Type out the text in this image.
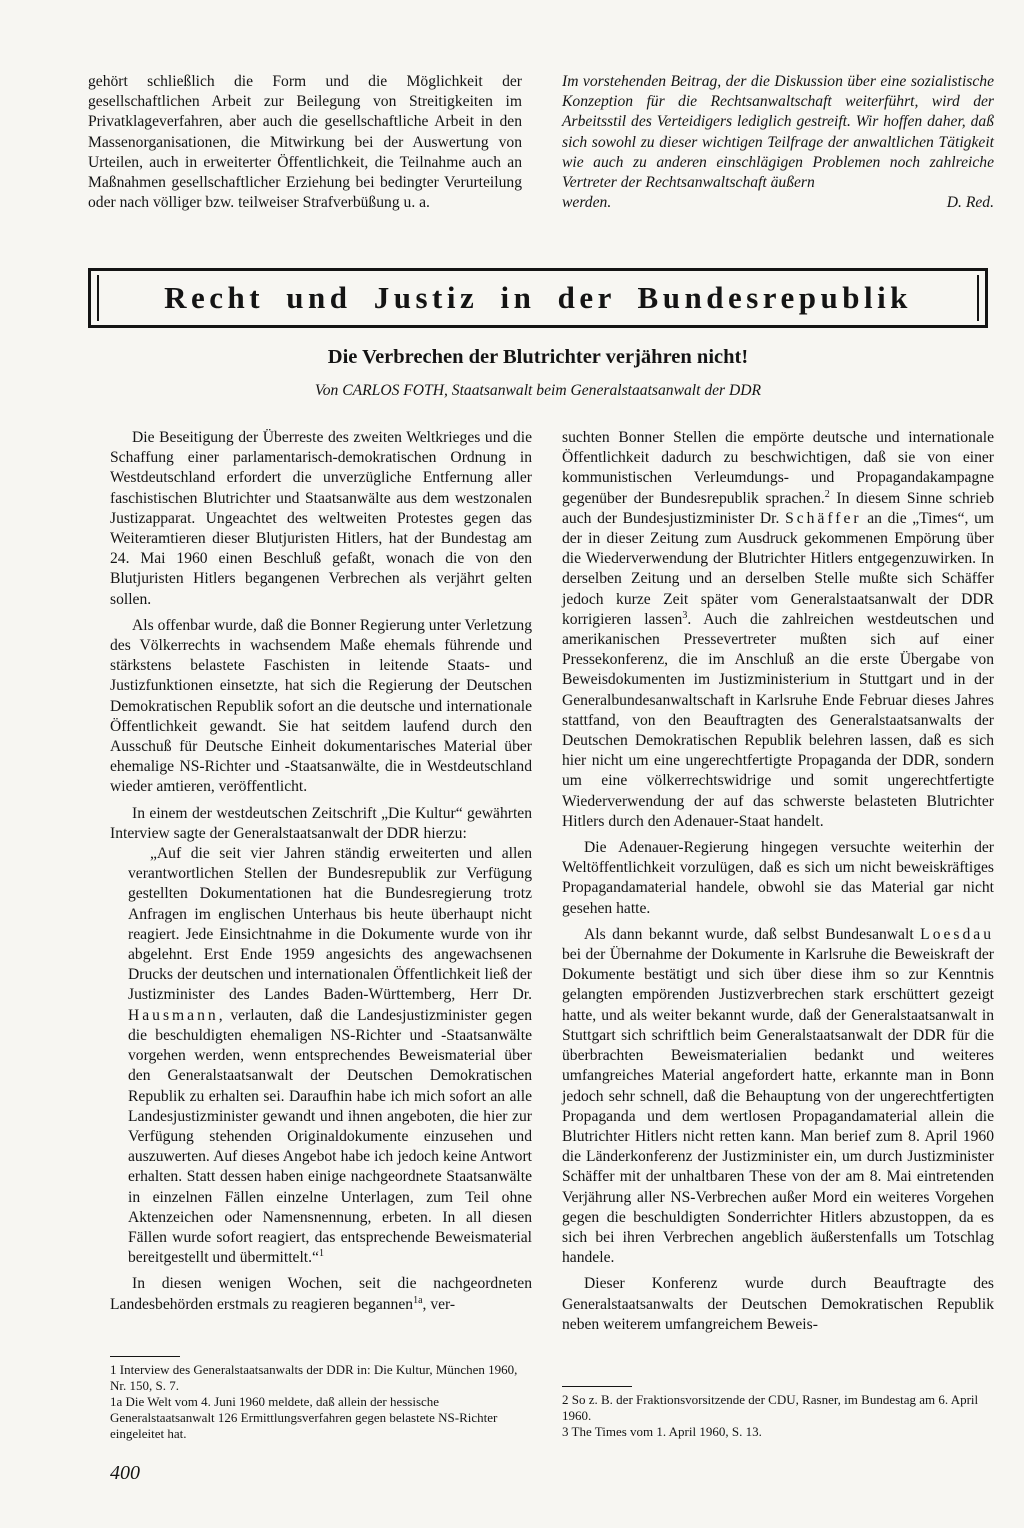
gehört schließlich die Form und die Möglichkeit der gesellschaftlichen Arbeit zur Beilegung von Streitigkeiten im Privatklageverfahren, aber auch die gesellschaftliche Arbeit in den Massenorganisationen, die Mitwirkung bei der Auswertung von Urteilen, auch in erweiterter Öffentlichkeit, die Teilnahme auch an Maßnahmen gesellschaftlicher Erziehung bei bedingter Verurteilung oder nach völliger bzw. teilweiser Strafverbüßung u. a.

Im vorstehenden Beitrag, der die Diskussion über eine sozialistische Konzeption für die Rechtsanwaltschaft weiterführt, wird der Arbeitsstil des Verteidigers lediglich gestreift. Wir hoffen daher, daß sich sowohl zu dieser wichtigen Teilfrage der anwaltlichen Tätigkeit wie auch zu anderen einschlägigen Problemen noch zahlreiche Vertreter der Rechtsanwaltschaft äußern

werden.	D. Red.
Recht und Justiz in der Bundesrepublik
Die Verbrechen der Blutrichter verjähren nicht!
Von CARLOS FOTH, Staatsanwalt beim Generalstaatsanwalt der DDR

Die Beseitigung der Überreste des zweiten Weltkrieges und die Schaffung einer parlamentarisch-demokratischen Ordnung in Westdeutschland erfordert die unverzügliche Entfernung aller faschistischen Blutrichter und Staatsanwälte aus dem westzonalen Justizapparat. Ungeachtet des weltweiten Protestes gegen das Weiteramtieren dieser Blutjuristen Hitlers, hat der Bundestag am 24. Mai 1960 einen Beschluß gefaßt, wonach die von den Blutjuristen Hitlers begangenen Verbrechen als verjährt gelten sollen.

Als offenbar wurde, daß die Bonner Regierung unter Verletzung des Völkerrechts in wachsendem Maße ehemals führende und stärkstens belastete Faschisten in leitende Staats- und Justizfunktionen einsetzte, hat sich die Regierung der Deutschen Demokratischen Republik sofort an die deutsche und internationale Öffentlichkeit gewandt. Sie hat seitdem laufend durch den Ausschuß für Deutsche Einheit dokumentarisches Material über ehemalige NS-Richter und -Staatsanwälte, die in Westdeutschland wieder amtieren, veröffentlicht.

In einem der westdeutschen Zeitschrift „Die Kultur“ gewährten Interview sagte der Generalstaatsanwalt der DDR hierzu:

„Auf die seit vier Jahren ständig erweiterten und allen verantwortlichen Stellen der Bundesrepublik zur Verfügung gestellten Dokumentationen hat die Bundesregierung trotz Anfragen im englischen Unterhaus bis heute überhaupt nicht reagiert. Jede Einsichtnahme in die Dokumente wurde von ihr abgelehnt. Erst Ende 1959 angesichts des angewachsenen Drucks der deutschen und internationalen Öffentlichkeit ließ der Justizminister des Landes Baden-Württemberg, Herr Dr. Hausmann, verlauten, daß die Landesjustizminister gegen die beschuldigten ehemaligen NS-Richter und -Staatsanwälte vorgehen werden, wenn entsprechendes Beweismaterial über den Generalstaatsanwalt der Deutschen Demokratischen Republik zu erhalten sei. Daraufhin habe ich mich sofort an alle Landesjustizminister gewandt und ihnen angeboten, die hier zur Verfügung stehenden Originaldokumente einzusehen und auszuwerten. Auf dieses Angebot habe ich jedoch keine Antwort erhalten. Statt dessen haben einige nachgeordnete Staatsanwälte in einzelnen Fällen einzelne Unterlagen, zum Teil ohne Aktenzeichen oder Namensnennung, erbeten. In all diesen Fällen wurde sofort reagiert, das entsprechende Beweismaterial bereitgestellt und übermittelt.“$^1$

In diesen wenigen Wochen, seit die nachgeordneten Landesbehörden erstmals zu reagieren begannen$^{1a}$, ver-

suchten Bonner Stellen die empörte deutsche und internationale Öffentlichkeit dadurch zu beschwichtigen, daß sie von einer kommunistischen Verleumdungs- und Propagandakampagne gegenüber der Bundesrepublik sprachen.$^2$ In diesem Sinne schrieb auch der Bundesjustizminister Dr. Schäffer an die „Times“, um der in dieser Zeitung zum Ausdruck gekommenen Empörung über die Wiederverwendung der Blutrichter Hitlers entgegenzuwirken. In derselben Zeitung und an derselben Stelle mußte sich Schäffer jedoch kurze Zeit später vom Generalstaatsanwalt der DDR korrigieren lassen$^3$. Auch die zahlreichen westdeutschen und amerikanischen Pressevertreter mußten sich auf einer Pressekonferenz, die im Anschluß an die erste Übergabe von Beweisdokumenten im Justizministerium in Stuttgart und in der Generalbundesanwaltschaft in Karlsruhe Ende Februar dieses Jahres stattfand, von den Beauftragten des Generalstaatsanwalts der Deutschen Demokratischen Republik belehren lassen, daß es sich hier nicht um eine ungerechtfertigte Propaganda der DDR, sondern um eine völkerrechtswidrige und somit ungerechtfertigte Wiederverwendung der auf das schwerste belasteten Blutrichter Hitlers durch den Adenauer-Staat handelt.

Die Adenauer-Regierung hingegen versuchte weiterhin der Weltöffentlichkeit vorzulügen, daß es sich um nicht beweiskräftiges Propagandamaterial handele, obwohl sie das Material gar nicht gesehen hatte.

Als dann bekannt wurde, daß selbst Bundesanwalt Loesdau bei der Übernahme der Dokumente in Karlsruhe die Beweiskraft der Dokumente bestätigt und sich über diese ihm so zur Kenntnis gelangten empörenden Justizverbrechen stark erschüttert gezeigt hatte, und als weiter bekannt wurde, daß der Generalstaatsanwalt in Stuttgart sich schriftlich beim Generalstaatsanwalt der DDR für die überbrachten Beweismaterialien bedankt und weiteres umfangreiches Material angefordert hatte, erkannte man in Bonn jedoch sehr schnell, daß die Behauptung von der ungerechtfertigten Propaganda und dem wertlosen Propagandamaterial allein die Blutrichter Hitlers nicht retten kann. Man berief zum 8. April 1960 die Länderkonferenz der Justizminister ein, um durch Justizminister Schäffer mit der unhaltbaren These von der am 8. Mai eintretenden Verjährung aller NS-Verbrechen außer Mord ein weiteres Vorgehen gegen die beschuldigten Sonderrichter Hitlers abzustoppen, da es sich bei ihren Verbrechen angeblich äußerstenfalls um Totschlag handele.

Dieser Konferenz wurde durch Beauftragte des Generalstaatsanwalts der Deutschen Demokratischen Republik neben weiterem umfangreichem Beweis-

1 Interview des Generalstaatsanwalts der DDR in: Die Kultur, München 1960, Nr. 150, S. 7.

1a Die Welt vom 4. Juni 1960 meldete, daß allein der hessische Generalstaatsanwalt 126 Ermittlungsverfahren gegen belastete NS-Richter eingeleitet hat.

2 So z. B. der Fraktionsvorsitzende der CDU, Rasner, im Bundestag am 6. April 1960.

3 The Times vom 1. April 1960, S. 13.

400
